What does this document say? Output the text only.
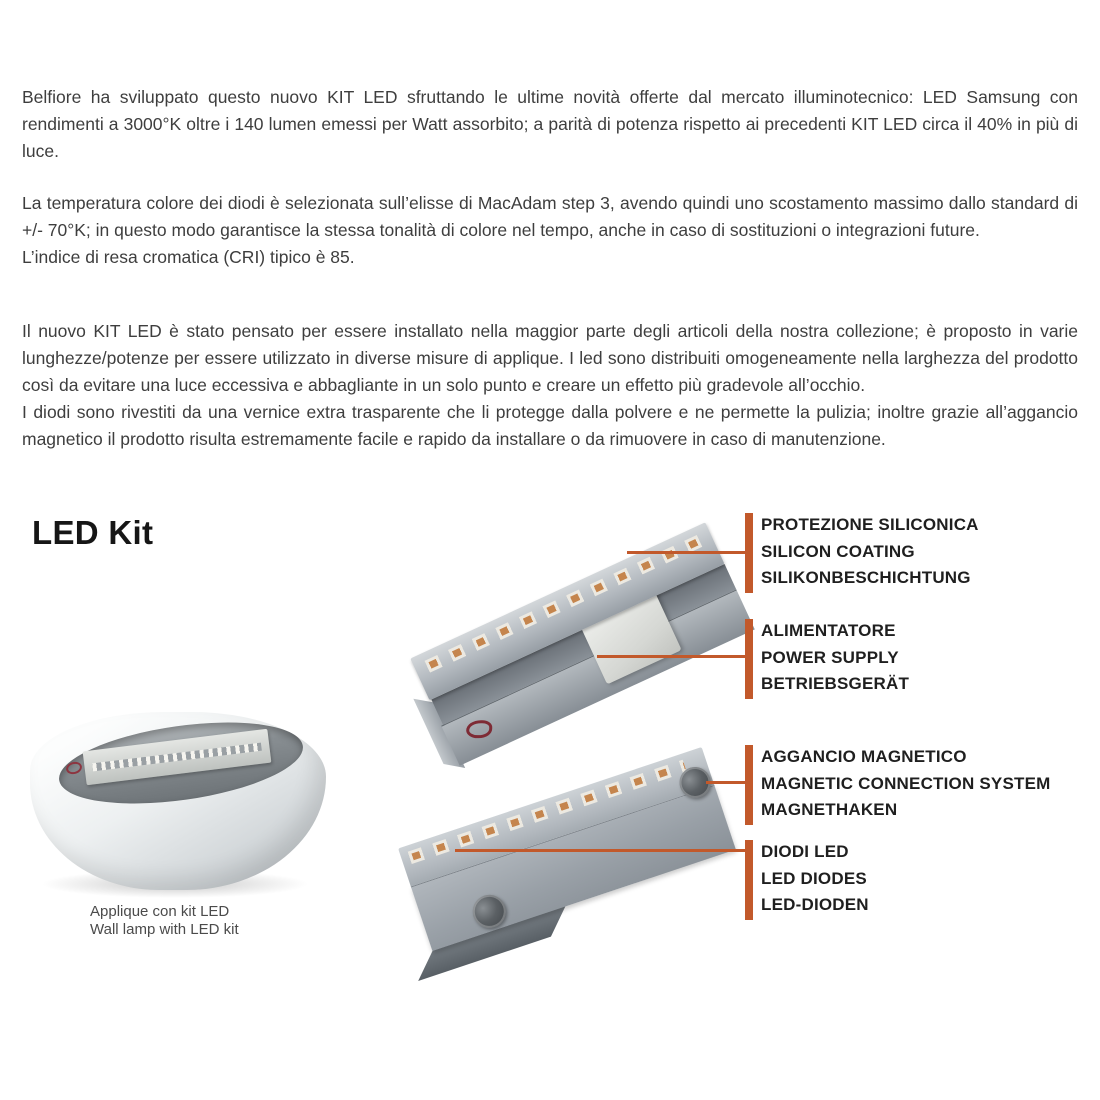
Belfiore ha sviluppato questo nuovo KIT LED sfruttando le ultime novità offerte dal mercato illuminotecnico: LED Samsung con rendimenti a 3000°K oltre i 140 lumen emessi per Watt assorbito; a parità di potenza rispetto ai precedenti KIT LED circa il 40% in più di luce.

La temperatura colore dei diodi è selezionata sull’elisse di MacAdam step 3, avendo quindi uno scostamento massimo dallo standard di +/- 70°K; in questo modo garantisce la stessa tonalità di colore nel tempo, anche in caso di sostituzioni o integrazioni future.

L’indice di resa cromatica (CRI) tipico è 85.

Il nuovo KIT LED è stato pensato per essere installato nella maggior parte degli articoli della nostra collezione; è proposto in varie lunghezze/potenze per essere utilizzato in diverse misure di applique. I led sono distribuiti omogeneamente nella larghezza del prodotto così da evitare una luce eccessiva e abbagliante in un solo punto e creare un effetto più gradevole all’occhio.

I diodi sono rivestiti da una vernice extra trasparente che li protegge dalla polvere e ne permette la pulizia; inoltre grazie all’aggancio magnetico il prodotto risulta estremamente facile e rapido da installare o da rimuovere in caso di manutenzione.

LED Kit
Applique con kit LED
Wall lamp with LED kit
PROTEZIONE SILICONICA
SILICON COATING
SILIKONBESCHICHTUNG
ALIMENTATORE
POWER SUPPLY
BETRIEBSGERÄT
AGGANCIO MAGNETICO
MAGNETIC CONNECTION SYSTEM
MAGNETHAKEN
DIODI LED
LED DIODES
LED-DIODEN
